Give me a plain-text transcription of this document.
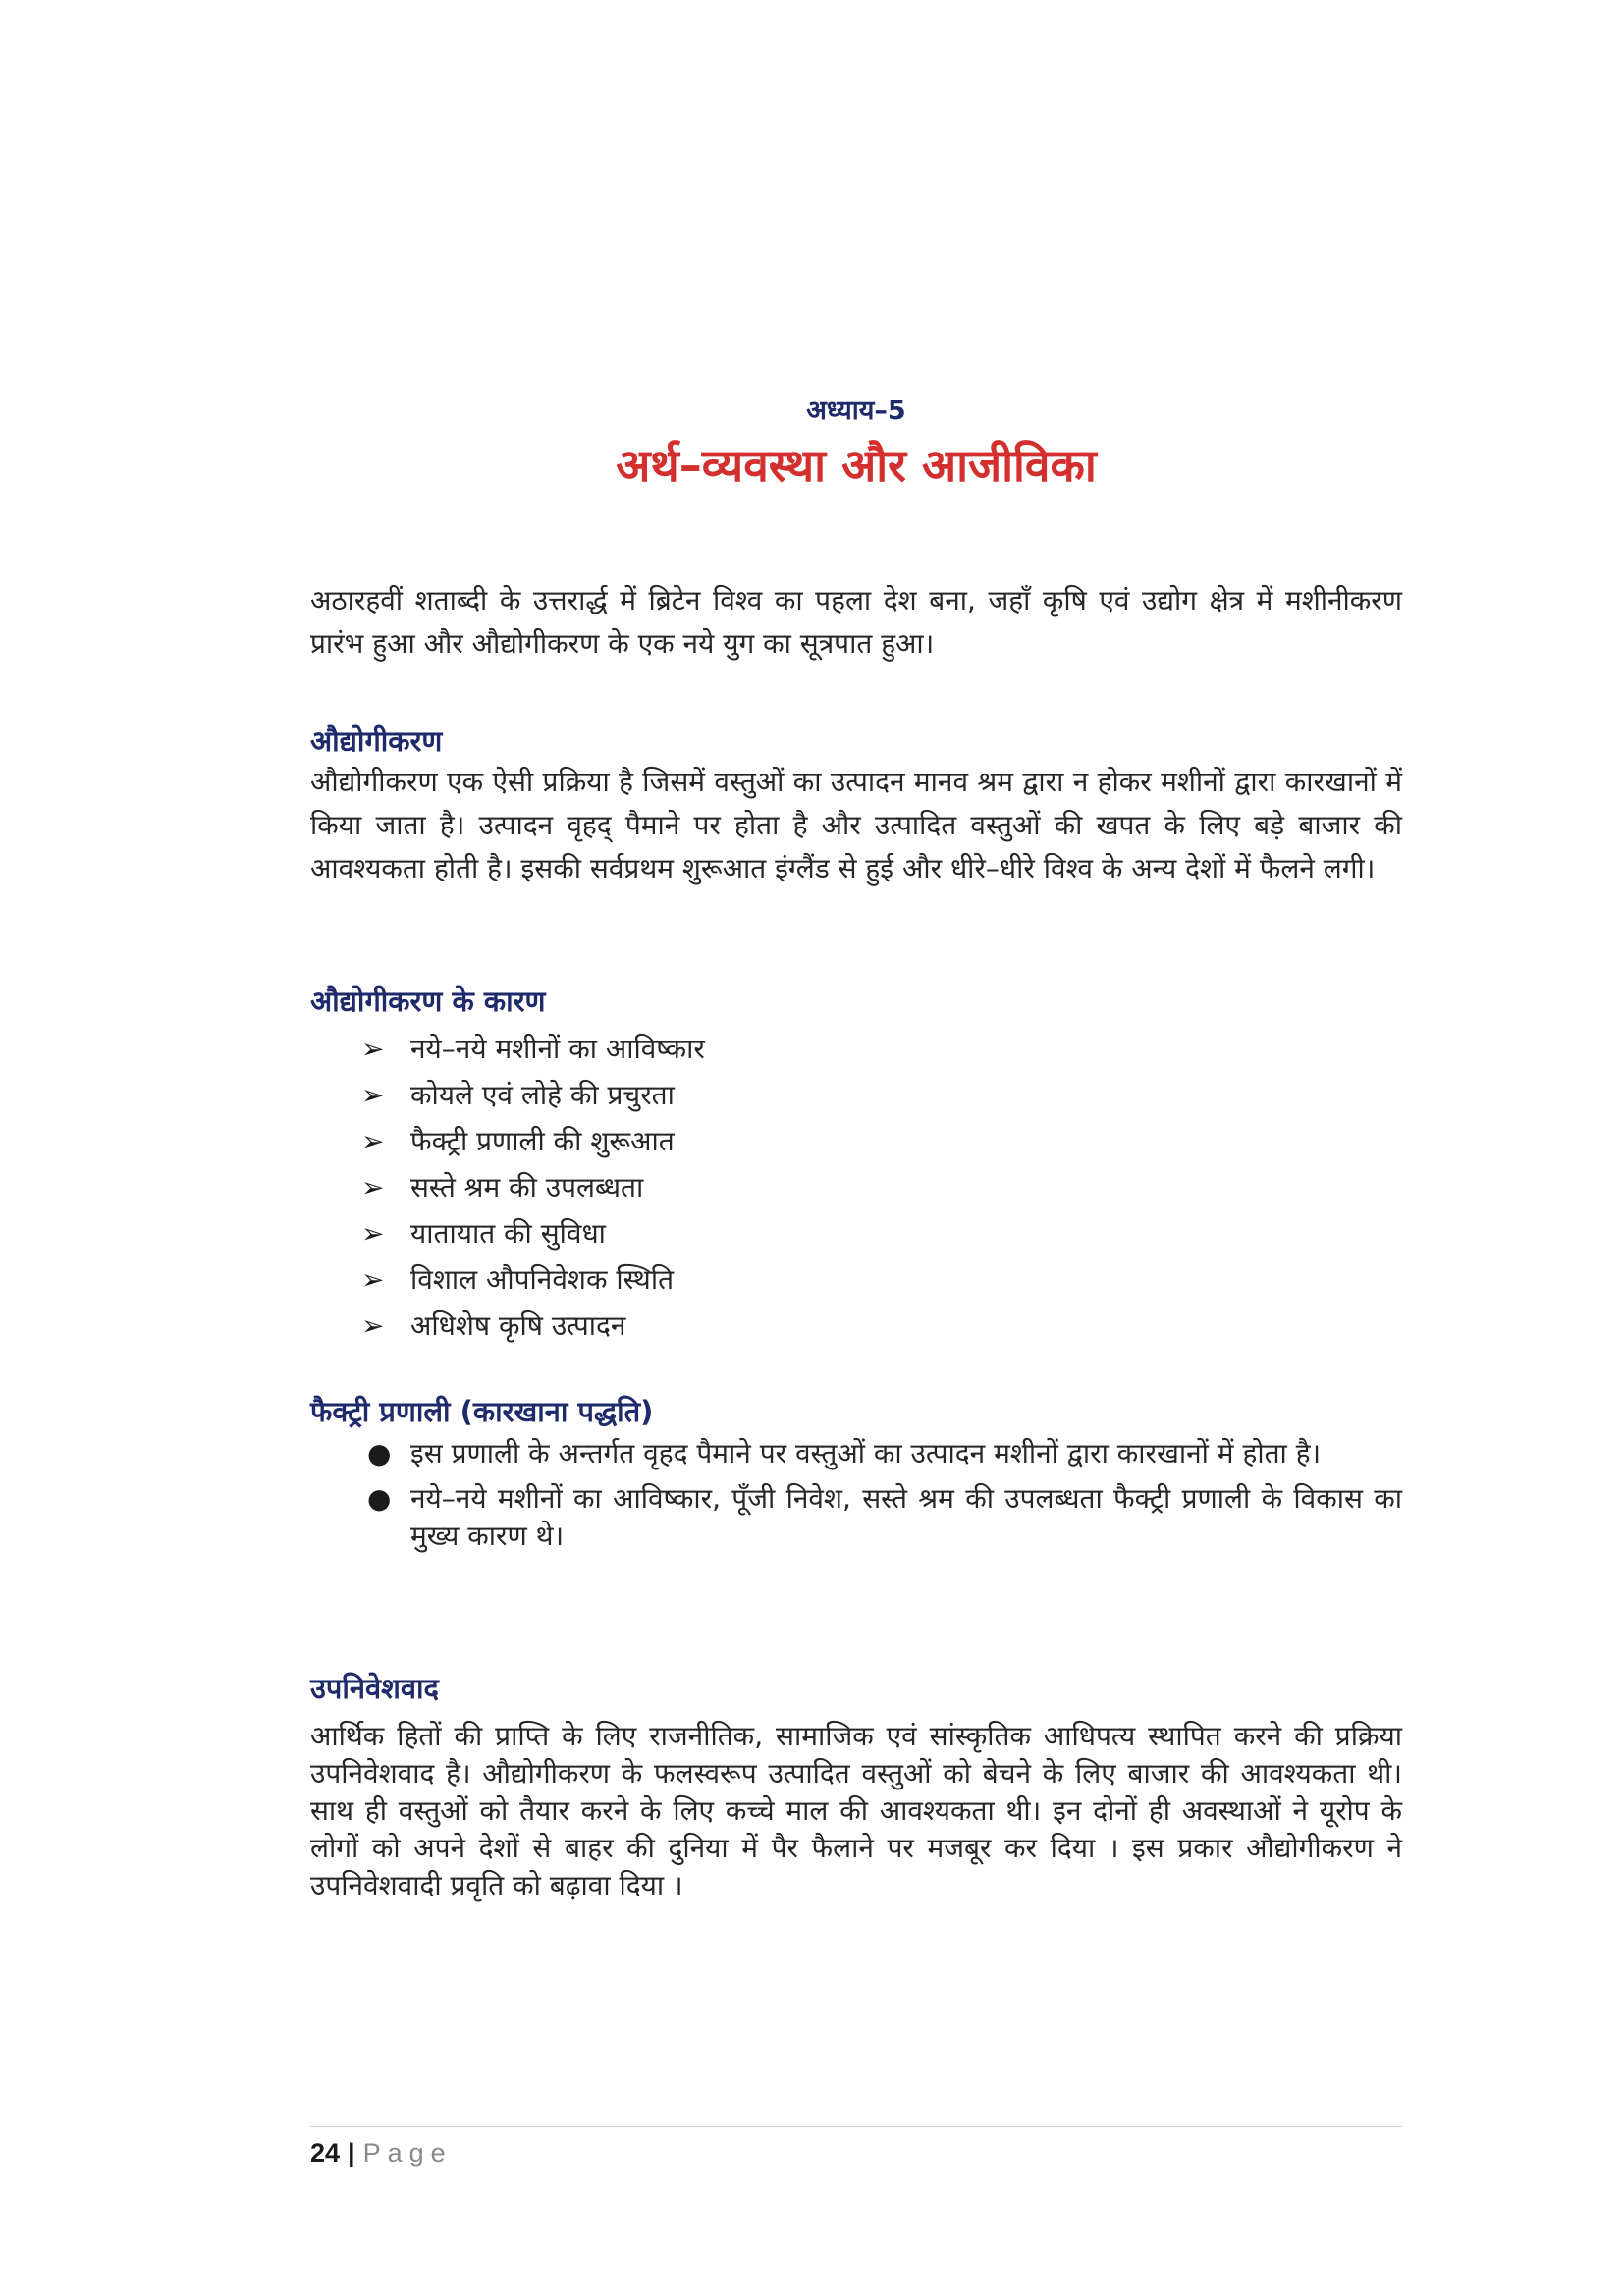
अध्याय–5
अर्थ–व्यवस्था और आजीविका

अठारहवीं शताब्दी के उत्तरार्द्ध में ब्रिटेन विश्व का पहला देश बना, जहाँ कृषि एवं उद्योग क्षेत्र में मशीनीकरण प्रारंभ हुआ और औद्योगीकरण के एक नये युग का सूत्रपात हुआ।

औद्योगीकरण

औद्योगीकरण एक ऐसी प्रक्रिया है जिसमें वस्तुओं का उत्पादन मानव श्रम द्वारा न होकर मशीनों द्वारा कारखानों में किया जाता है। उत्पादन वृहद् पैमाने पर होता है और उत्पादित वस्तुओं की खपत के लिए बड़े बाजार की आवश्यकता होती है। इसकी सर्वप्रथम शुरूआत इंग्लैंड से हुई और धीरे–धीरे विश्व के अन्य देशों में फैलने लगी।

औद्योगीकरण के कारण
➢ नये–नये मशीनों का आविष्कार
➢ कोयले एवं लोहे की प्रचुरता
➢ फैक्ट्री प्रणाली की शुरूआत
➢ सस्ते श्रम की उपलब्धता
➢ यातायात की सुविधा
➢ विशाल औपनिवेशक स्थिति
➢ अधिशेष कृषि उत्पादन
फैक्ट्री प्रणाली (कारखाना पद्धति)
● इस प्रणाली के अन्तर्गत वृहद पैमाने पर वस्तुओं का उत्पादन मशीनों द्वारा कारखानों में होता है।
● नये–नये मशीनों का आविष्कार, पूँजी निवेश, सस्ते श्रम की उपलब्धता फैक्ट्री प्रणाली के विकास का मुख्य कारण थे।
उपनिवेशवाद

आर्थिक हितों की प्राप्ति के लिए राजनीतिक, सामाजिक एवं सांस्कृतिक आधिपत्य स्थापित करने की प्रक्रिया उपनिवेशवाद है। औद्योगीकरण के फलस्वरूप उत्पादित वस्तुओं को बेचने के लिए बाजार की आवश्यकता थी। साथ ही वस्तुओं को तैयार करने के लिए कच्चे माल की आवश्यकता थी। इन दोनों ही अवस्थाओं ने यूरोप के लोगों को अपने देशों से बाहर की दुनिया में पैर फैलाने पर मजबूर कर दिया । इस प्रकार औद्योगीकरण ने उपनिवेशवादी प्रवृति को बढ़ावा दिया ।

24 | Page
